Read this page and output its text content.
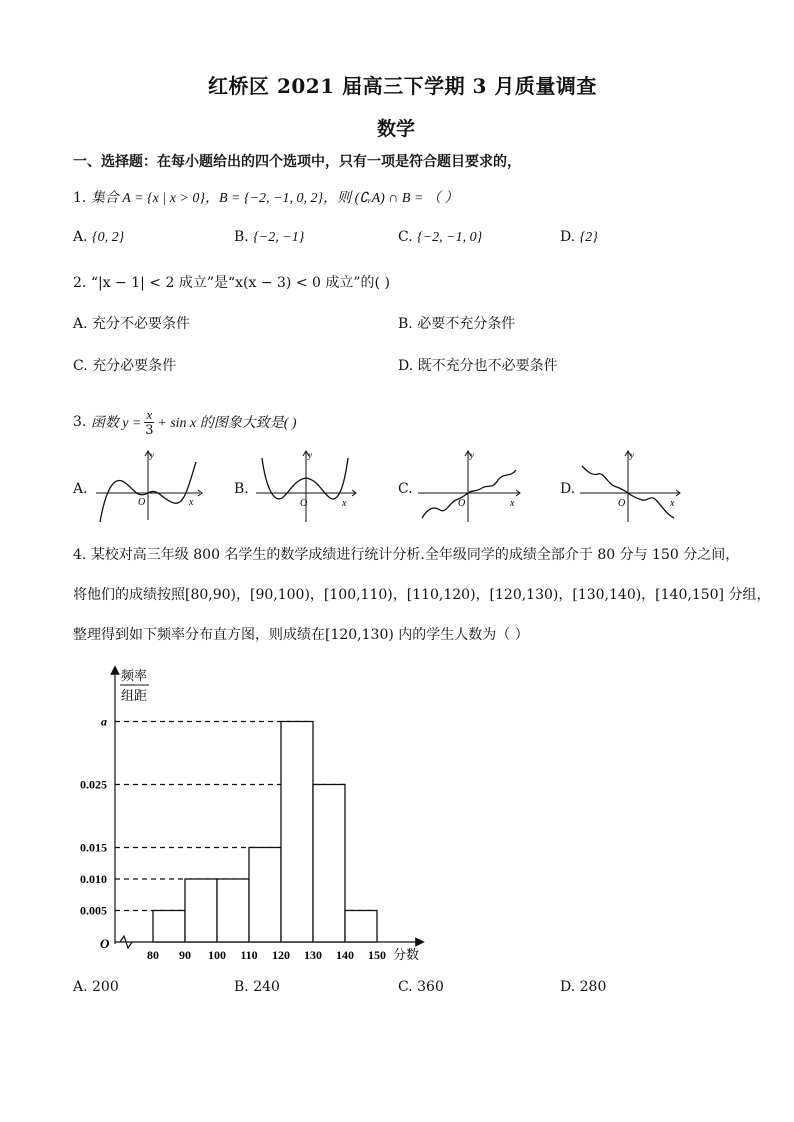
红桥区 2021 届高三下学期 3 月质量调查
数学
一、选择题：在每小题给出的四个选项中，只有一项是符合题目要求的，
1. 集合 A = {x | x > 0}，B = {−2, −1, 0, 2}，则 (∁ᵣA) ∩ B = （ ）
A. {0, 2}	B. {−2, −1}	C. {−2, −1, 0}	D. {2}
2. “|x − 1| < 2 成立”是“x(x − 3) < 0 成立”的( )
A. 充分不必要条件	B. 必要不充分条件
C. 充分必要条件	D. 既不充分也不必要条件
3.
函数 $y = \frac{x}{3} + \sin x$ 的图象大致是( )
A.
y
O	x
B.
y
O	x
C.
y
O	x
D.
y
O	x
4. 某校对高三年级 800 名学生的数学成绩进行统计分析.全年级同学的成绩全部介于 80 分与 150 分之间，
将他们的成绩按照[80,90)，[90,100)，[100,110)，[110,120)，[120,130)，[130,140)，[140,150] 分组，
整理得到如下频率分布直方图，则成绩在[120,130) 内的学生人数为（ ）
O
频率
组距
0.005
0.010
0.015
0.025
a
80 90 100 110 120 130 140 150 分数
A. 200	B. 240	C. 360	D. 280
